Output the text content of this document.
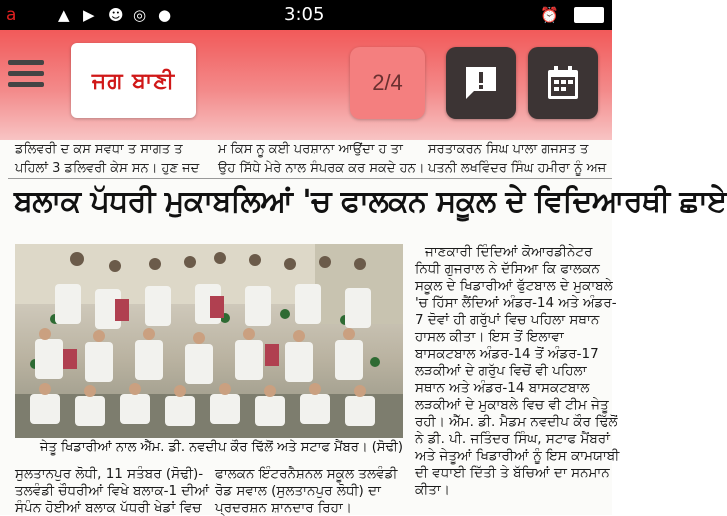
a	▲ ▶ ☻ ◎ ●	3:05	⏰
ਜਗ ਬਾਣੀ	2/4
ਡਲਿਵਰੀ ਦ ਕਸ ਸਵਧਾ ਤ ਸਾਗਤ ਤ
ਪਹਿਲਾਂ 3 ਡਲਿਵਰੀ ਕੇਸ ਸਨ। ਹੁਣ ਜਦ
ਮ ਕਿਸ ਨੂ ਕਈ ਪਰਸ਼ਾਨਾ ਆਉਂਦਾ ਹ ਤਾ
ਉਹ ਸਿੱਧੇ ਮੇਰੇ ਨਾਲ ਸੰਪਰਕ ਕਰ ਸਕਦੇ ਹਨ।
ਸਰਤਾਕਰਨ ਸਿਘ ਪਾਲਾ ਗਜਸਤ ਤ
ਪਤਨੀ ਲਖਵਿੰਦਰ ਸਿੰਘ ਹਮੀਰਾ ਨੂੰ ਅਜ
ਬਲਾਕ ਪੱਧਰੀ ਮੁਕਾਬਲਿਆਂ 'ਚ ਫਾਲਕਨ ਸਕੂਲ ਦੇ ਵਿਦਿਆਰਥੀ ਛਾਏ
ਜੇਤੂ ਖਿਡਾਰੀਆਂ ਨਾਲ ਐੱਮ. ਡੀ. ਨਵਦੀਪ ਕੌਰ ਢਿੱਲੋਂ ਅਤੇ ਸਟਾਫ ਮੈਂਬਰ। (ਸੋਢੀ)
ਜਾਣਕਾਰੀ ਦਿੰਦਿਆਂ ਕੋਆਰਡੀਨੇਟਰ
ਨਿਧੀ ਗੁਜਰਾਲ ਨੇ ਦੱਸਿਆ ਕਿ ਫਾਲਕਨ
ਸਕੂਲ ਦੇ ਖਿਡਾਰੀਆਂ ਫੁੱਟਬਾਲ ਦੇ ਮੁਕਾਬਲੇ
'ਚ ਹਿੱਸਾ ਲੈਂਦਿਆਂ ਅੰਡਰ-14 ਅਤੇ ਅੰਡਰ-
7 ਦੋਵਾਂ ਹੀ ਗਰੁੱਪਾਂ ਵਿਚ ਪਹਿਲਾ ਸਥਾਨ
ਹਾਸਲ ਕੀਤਾ। ਇਸ ਤੋਂ ਇਲਾਵਾ
ਬਾਸਕਟਬਾਲ ਅੰਡਰ-14 ਤੋਂ ਅੰਡਰ-17
ਲੜਕੀਆਂ ਦੇ ਗਰੁੱਪ ਵਿਚੋਂ ਵੀ ਪਹਿਲਾ
ਸਥਾਨ ਅਤੇ ਅੰਡਰ-14 ਬਾਸਕਟਬਾਲ
ਲੜਕੀਆਂ ਦੇ ਮੁਕਾਬਲੇ ਵਿਚ ਵੀ ਟੀਮ ਜੇਤੂ
ਰਹੀ। ਐੱਮ. ਡੀ. ਮੈਡਮ ਨਵਦੀਪ ਕੌਰ ਢਿੱਲੋਂ
ਨੇ ਡੀ. ਪੀ. ਜਤਿੰਦਰ ਸਿੰਘ, ਸਟਾਫ ਮੈਂਬਰਾਂ
ਅਤੇ ਜੇਤੂਆਂ ਖਿਡਾਰੀਆਂ ਨੂੰ ਇਸ ਕਾਮਯਾਬੀ
ਦੀ ਵਧਾਈ ਦਿੱਤੀ ਤੇ ਬੱਚਿਆਂ ਦਾ ਸਨਮਾਨ
ਕੀਤਾ।
ਸੁਲਤਾਨਪੁਰ ਲੋਧੀ, 11 ਸਤੰਬਰ (ਸੋਢੀ)-
ਤਲਵੰਡੀ ਚੌਧਰੀਆਂ ਵਿਖੇ ਬਲਾਕ-1 ਦੀਆਂ
ਸੰਪੰਨ ਹੋਈਆਂ ਬਲਾਕ ਪੱਧਰੀ ਖੇਡਾਂ ਵਿਚ
ਫਾਲਕਨ ਇੰਟਰਨੈਸ਼ਨਲ ਸਕੂਲ ਤਲਵੰਡੀ
ਰੋਡ ਸਵਾਲ (ਸੁਲਤਾਨਪੁਰ ਲੋਧੀ) ਦਾ
ਪ੍ਰਦਰਸ਼ਨ ਸ਼ਾਨਦਾਰ ਰਿਹਾ।
